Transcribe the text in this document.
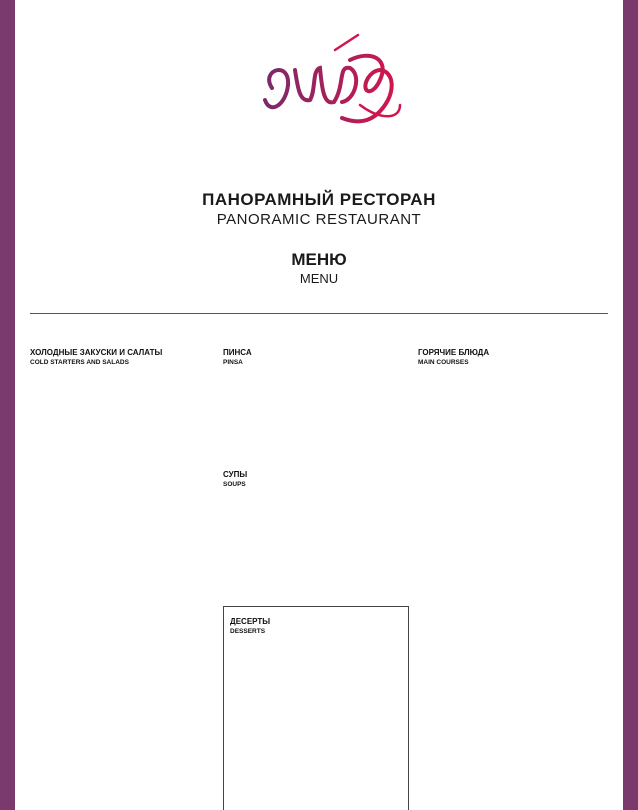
ПАНОРАМНЫЙ РЕСТОРАН
PANORAMIC RESTAURANT
МЕНЮ
MENU
ХОЛОДНЫЕ ЗАКУСКИ И САЛАТЫ
COLD STARTERS AND SALADS
ПИНСА
PINSA
СУПЫ
SOUPS
ДЕСЕРТЫ
DESSERTS
ГОРЯЧИЕ БЛЮДА
MAIN COURSES
